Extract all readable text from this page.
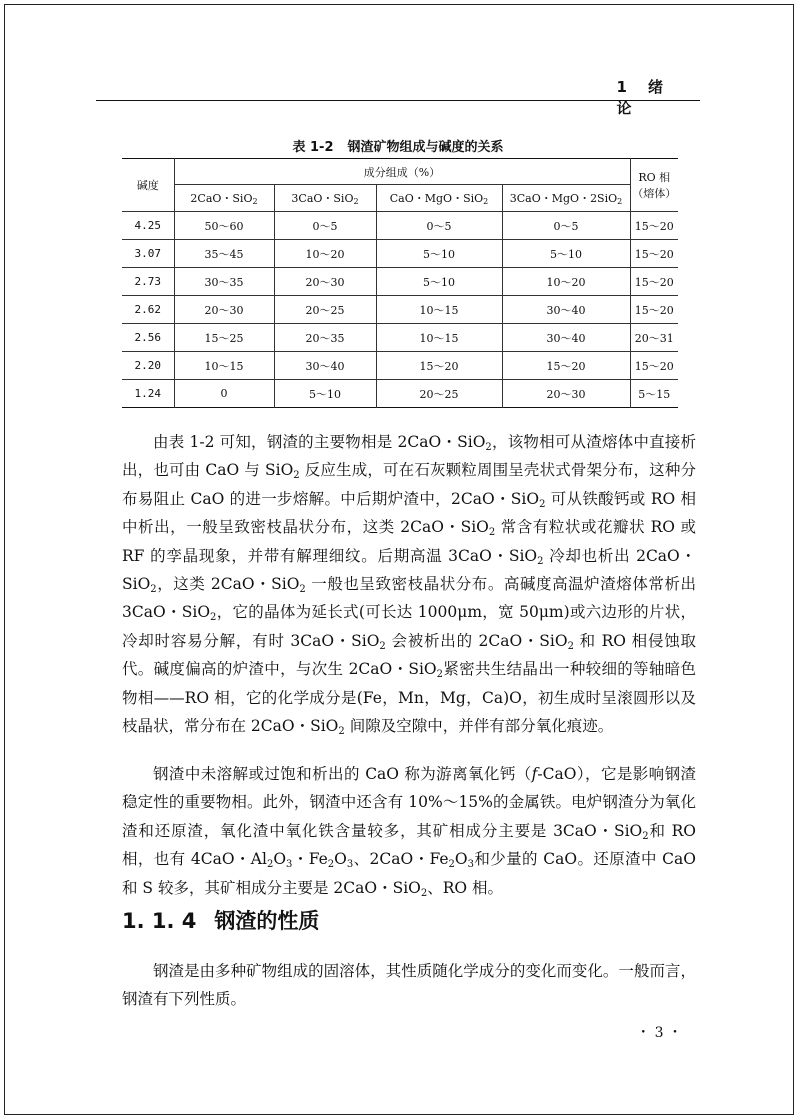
1 绪论
表 1-2 钢渣矿物组成与碱度的关系
碱度	成分组成（%）				RO 相
（熔体）
	2CaO・SiO$_2$	3CaO・SiO$_2$	CaO・MgO・SiO$_2$	3CaO・MgO・2SiO$_2$
4.25	50～60	0～5	0～5	0～5	15～20
3.07	35～45	10～20	5～10	5～10	15～20
2.73	30～35	20～30	5～10	10～20	15～20
2.62	20～30	20～25	10～15	30～40	15～20
2.56	15～25	20～35	10～15	30～40	20～31
2.20	10～15	30～40	15～20	15～20	15～20
1.24	0	5～10	20～25	20～30	5～15

由表 1-2 可知，钢渣的主要物相是 2CaO・SiO$_2$，该物相可从渣熔体中直接析出，也可由 CaO 与 SiO$_2$ 反应生成，可在石灰颗粒周围呈壳状式骨架分布，这种分布易阻止 CaO 的进一步熔解。中后期炉渣中，2CaO・SiO$_2$ 可从铁酸钙或 RO 相中析出，一般呈致密枝晶状分布，这类 2CaO・SiO$_2$ 常含有粒状或花瓣状 RO 或 RF 的孪晶现象，并带有解理细纹。后期高温 3CaO・SiO$_2$ 冷却也析出 2CaO・SiO$_2$，这类 2CaO・SiO$_2$ 一般也呈致密枝晶状分布。高碱度高温炉渣熔体常析出 3CaO・SiO$_2$，它的晶体为延长式(可长达 1000μm，宽 50μm)或六边形的片状，冷却时容易分解，有时 3CaO・SiO$_2$ 会被析出的 2CaO・SiO$_2$ 和 RO 相侵蚀取代。碱度偏高的炉渣中，与次生 2CaO・SiO$_2$紧密共生结晶出一种较细的等轴暗色物相——RO 相，它的化学成分是(Fe，Mn，Mg，Ca)O，初生成时呈滚圆形以及枝晶状，常分布在 2CaO・SiO$_2$ 间隙及空隙中，并伴有部分氧化痕迹。

钢渣中未溶解或过饱和析出的 CaO 称为游离氧化钙（f-CaO），它是影响钢渣稳定性的重要物相。此外，钢渣中还含有 10%～15%的金属铁。电炉钢渣分为氧化渣和还原渣，氧化渣中氧化铁含量较多，其矿相成分主要是 3CaO・SiO$_2$和 RO 相，也有 4CaO・$Al_2O_3$・$Fe_2O_3$、2CaO・$Fe_2O_3$和少量的 CaO。还原渣中 CaO 和 S 较多，其矿相成分主要是 2CaO・SiO$_2$、RO 相。

1. 1. 4 钢渣的性质

钢渣是由多种矿物组成的固溶体，其性质随化学成分的变化而变化。一般而言，钢渣有下列性质。

・ 3 ・
